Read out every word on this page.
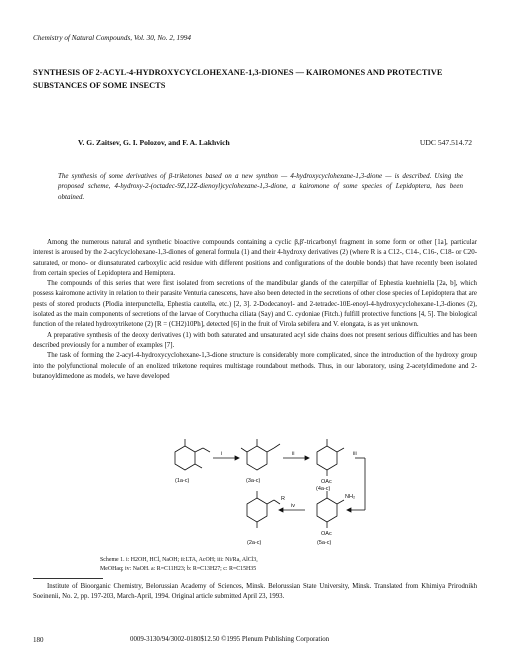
Chemistry of Natural Compounds, Vol. 30, No. 2, 1994
SYNTHESIS OF 2-ACYL-4-HYDROXYCYCLOHEXANE-1,3-DIONES — KAIROMONES AND PROTECTIVE SUBSTANCES OF SOME INSECTS
V. G. Zaitsev, G. I. Polozov, and F. A. Lakhvich	UDC 547.514.72
The synthesis of some derivatives of β-triketones based on a new synthon — 4-hydroxycyclohexane-1,3-dione — is described. Using the proposed scheme, 4-hydroxy-2-(octadec-9Z,12Z-dienoyl)cyclohexane-1,3-dione, a kairomone of some species of Lepidoptera, has been obtained.

Among the numerous natural and synthetic bioactive compounds containing a cyclic β,β'-tricarbonyl fragment in some form or other [1a], particular interest is aroused by the 2-acylcyclohexane-1,3-diones of general formula (1) and their 4-hydroxy derivatives (2) (where R is a C12-, C14-, C16-, C18- or C20-saturated, or mono- or diunsaturated carboxylic acid residue with different positions and configurations of the double bonds) that have recently been isolated from certain species of Lepidoptera and Hemiptera.

The compounds of this series that were first isolated from secretions of the mandibular glands of the caterpillar of Ephestia kuehniella [2a, b], which possess kairomone activity in relation to their parasite Venturia canescens, have also been detected in the secretions of other close species of Lepidoptera that are pests of stored products (Plodia interpunctella, Ephestia cautella, etc.) [2, 3]. 2-Dodecanoyl- and 2-tetradec-10E-enoyl-4-hydroxycyclohexane-1,3-diones (2), isolated as the main components of secretions of the larvae of Corythucha ciliata (Say) and C. cydoniae (Fitch.) fulfill protective functions [4, 5]. The biological function of the related hydroxytriketone (2) [R = (CH2)10Ph], detected [6] in the fruit of Virola sebifera and V. elongata, is as yet unknown.

A preparative synthesis of the deoxy derivatives (1) with both saturated and unsaturated acyl side chains does not present serious difficulties and has been described previously for a number of examples [7].

The task of forming the 2-acyl-4-hydroxycyclohexane-1,3-dione structure is considerably more complicated, since the introduction of the hydroxy group into the polyfunctional molecule of an enolized triketone requires multistage roundabout methods. Thus, in our laboratory, using 2-acetyldimedone and 2-butanoyldimedone as models, we have developed

(1a-c)
i
(3a-c)
ii
OAc
(4a-c)
iii
NH₂
OAc
(5a-c)
iv
R
(2a-c)
Scheme 1. i: H2OH, HCl, NaOH; ii:LTA, AcOH; iii: Ni/Ra, AlCl3,
MeOHaq; iv: NaOH. a: R=C11H23; b: R=C13H27; c: R=C15H35
Institute of Bioorganic Chemistry, Belorussian Academy of Sciences, Minsk. Belorussian State University, Minsk. Translated from Khimiya Prirodnikh Soeinenii, No. 2, pp. 197-203, March-April, 1994. Original article submitted April 23, 1993.
180	0009-3130/94/3002-0180$12.50 ©1995 Plenum Publishing Corporation
